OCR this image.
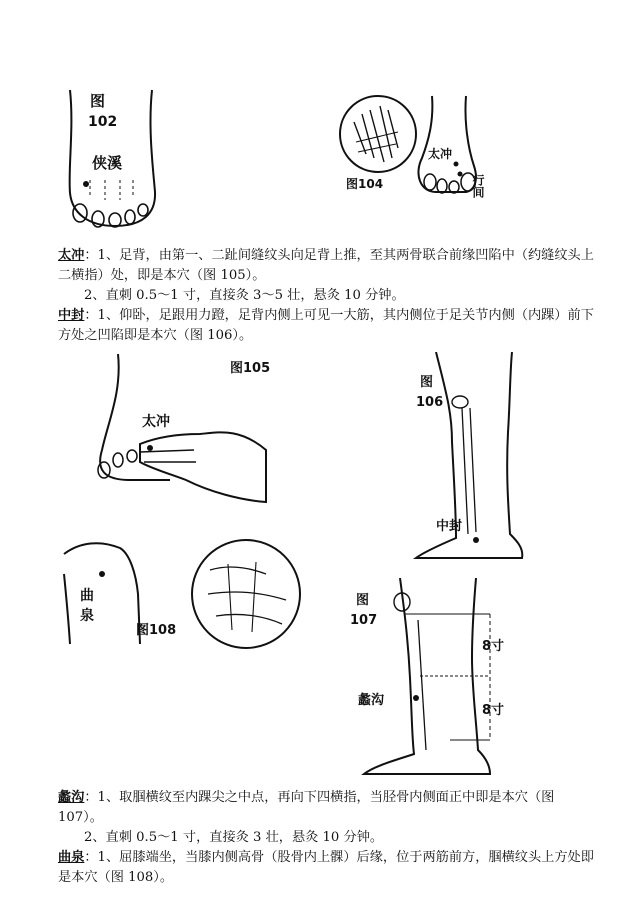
图
102
侠溪
图104
太冲
行间

太冲：1、足背，由第一、二趾间缝纹头向足背上推，至其两骨联合前缘凹陷中（约缝纹头上二横指）处，即是本穴（图 105）。

2、直刺 0.5～1 寸，直接灸 3～5 壮，悬灸 10 分钟。

中封：1、仰卧，足跟用力蹬，足背内侧上可见一大筋，其内侧位于足关节内侧（内踝）前下方处之凹陷即是本穴（图 106）。

图105
太冲
图
106
中封
曲
泉
图108
图
107
蠡沟
8寸
8寸

蠡沟：1、取腘横纹至内踝尖之中点，再向下四横指，当胫骨内侧面正中即是本穴（图 107）。

2、直刺 0.5～1 寸，直接灸 3 壮，悬灸 10 分钟。

曲泉：1、屈膝端坐，当膝内侧高骨（股骨内上髁）后缘，位于两筋前方，腘横纹头上方处即是本穴（图 108）。
